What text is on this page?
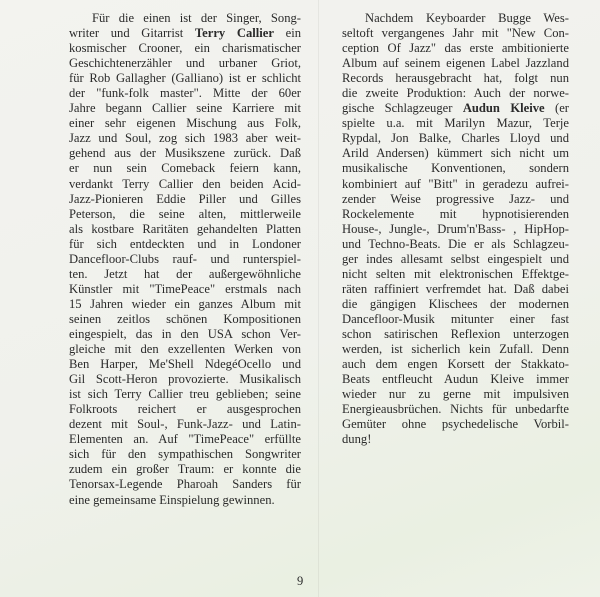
Für die einen ist der Singer, Song-
writer und Gitarrist Terry Callier ein
kosmischer Crooner, ein charismatischer
Geschichtenerzähler und urbaner Griot,
für Rob Gallagher (Galliano) ist er schlicht
der "funk-folk master". Mitte der 60er
Jahre begann Callier seine Karriere mit
einer sehr eigenen Mischung aus Folk,
Jazz und Soul, zog sich 1983 aber weit-
gehend aus der Musikszene zurück. Daß
er nun sein Comeback feiern kann,
verdankt Terry Callier den beiden Acid-
Jazz-Pionieren Eddie Piller und Gilles
Peterson, die seine alten, mittlerweile
als kostbare Raritäten gehandelten Platten
für sich entdeckten und in Londoner
Dancefloor-Clubs rauf- und runterspiel-
ten. Jetzt hat der außergewöhnliche
Künstler mit "TimePeace" erstmals nach
15 Jahren wieder ein ganzes Album mit
seinen zeitlos schönen Kompositionen
eingespielt, das in den USA schon Ver-
gleiche mit den exzellenten Werken von
Ben Harper, Me'Shell NdegéOcello und
Gil Scott-Heron provozierte. Musikalisch
ist sich Terry Callier treu geblieben; seine
Folkroots reichert er ausgesprochen
dezent mit Soul-, Funk-Jazz- und Latin-
Elementen an. Auf "TimePeace" erfüllte
sich für den sympathischen Songwriter
zudem ein großer Traum: er konnte die
Tenorsax-Legende Pharoah Sanders für
eine gemeinsame Einspielung gewinnen.
Nachdem Keyboarder Bugge Wes-
seltoft vergangenes Jahr mit "New Con-
ception Of Jazz" das erste ambitionierte
Album auf seinem eigenen Label Jazzland
Records herausgebracht hat, folgt nun
die zweite Produktion: Auch der norwe-
gische Schlagzeuger Audun Kleive (er
spielte u.a. mit Marilyn Mazur, Terje
Rypdal, Jon Balke, Charles Lloyd und
Arild Andersen) kümmert sich nicht um
musikalische Konventionen, sondern
kombiniert auf "Bitt" in geradezu aufrei-
zender Weise progressive Jazz- und
Rockelemente mit hypnotisierenden
House-, Jungle-, Drum'n'Bass- , HipHop-
und Techno-Beats. Die er als Schlagzeu-
ger indes allesamt selbst eingespielt und
nicht selten mit elektronischen Effektge-
räten raffiniert verfremdet hat. Daß dabei
die gängigen Klischees der modernen
Dancefloor-Musik mitunter einer fast
schon satirischen Reflexion unterzogen
werden, ist sicherlich kein Zufall. Denn
auch dem engen Korsett der Stakkato-
Beats entfleucht Audun Kleive immer
wieder nur zu gerne mit impulsiven
Energieausbrüchen. Nichts für unbedarfte
Gemüter ohne psychedelische Vorbil-
dung!
9
